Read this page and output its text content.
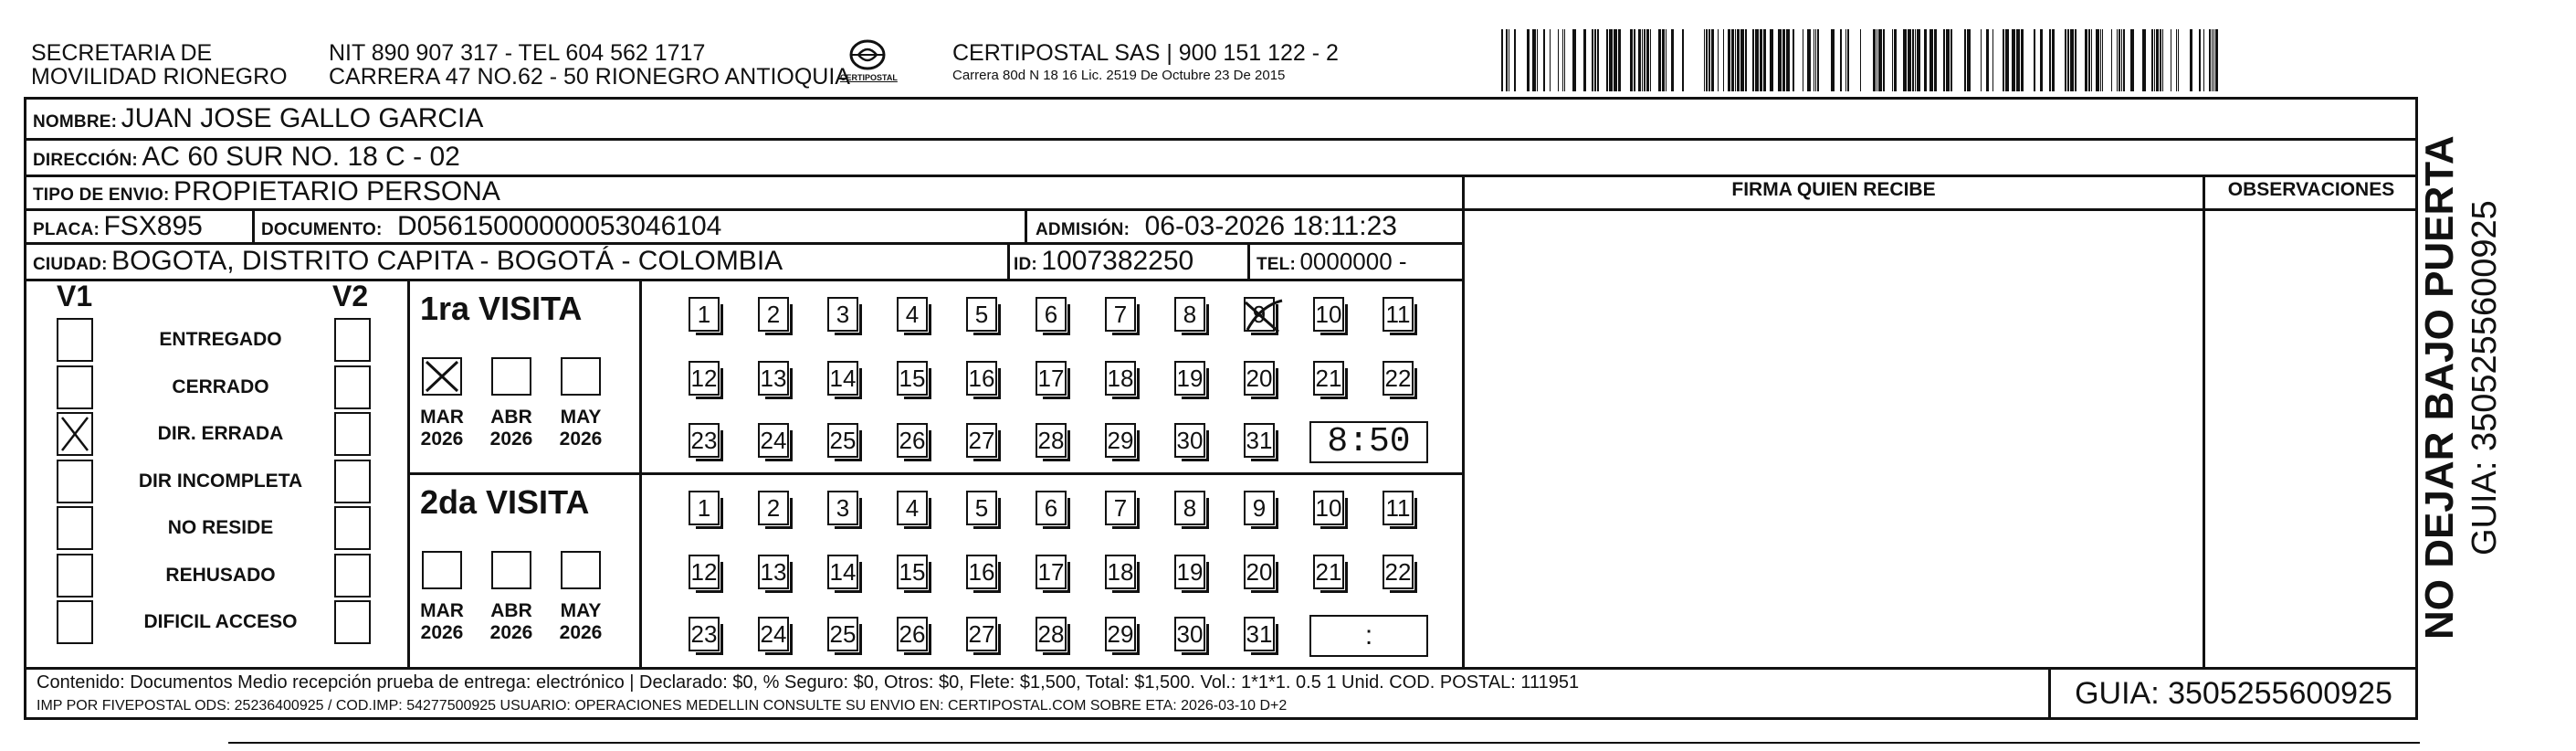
SECRETARIA DE
MOVILIDAD RIONEGRO
NIT 890 907 317 - TEL 604 562 1717
CARRERA 47 NO.62 - 50 RIONEGRO ANTIOQUIA
CERTIPOSTAL
CERTIPOSTAL SAS | 900 151 122 - 2
Carrera 80d N 18 16 Lic. 2519 De Octubre 23 De 2015
NOMBRE: JUAN JOSE GALLO GARCIA
DIRECCIÓN: AC 60 SUR NO. 18 C - 02
TIPO DE ENVIO: PROPIETARIO PERSONA	FIRMA QUIEN RECIBE	OBSERVACIONES
PLACA: FSX895	DOCUMENTO: D05615000000053046104	ADMISIÓN: 06-03-2026 18:11:23
CIUDAD: BOGOTA, DISTRITO CAPITA - BOGOTÁ - COLOMBIA	ID: 1007382250	TEL: 0000000 -
V1	V2
ENTREGADO
CERRADO
DIR. ERRADA
DIR INCOMPLETA
NO RESIDE
REHUSADO
DIFICIL ACCESO
1ra VISITA
MAR
2026
ABR
2026
MAY
2026
1	2	3	4	5	6	7	8	9	10 11
12 13 14 15 16 17 18 19 20 21 22
23 24 25 26 27 28 29 30 31	8:50
2da VISITA
MAR
2026
ABR
2026
MAY
2026
1	2	3	4	5	6	7	8	9	10 11
12 13 14 15 16 17 18 19 20 21 22
23 24 25 26 27 28 29 30 31	:
Contenido: Documentos Medio recepción prueba de entrega: electrónico | Declarado: $0, % Seguro: $0, Otros: $0, Flete: $1,500, Total: $1,500. Vol.: 1*1*1. 0.5 1 Unid. COD. POSTAL: 111951
IMP POR FIVEPOSTAL ODS: 25236400925 / COD.IMP: 54277500925 USUARIO: OPERACIONES MEDELLIN CONSULTE SU ENVIO EN: CERTIPOSTAL.COM SOBRE ETA: 2026-03-10 D+2	GUIA: 3505255600925
NO DEJAR BAJO PUERTA GUIA: 3505255600925
